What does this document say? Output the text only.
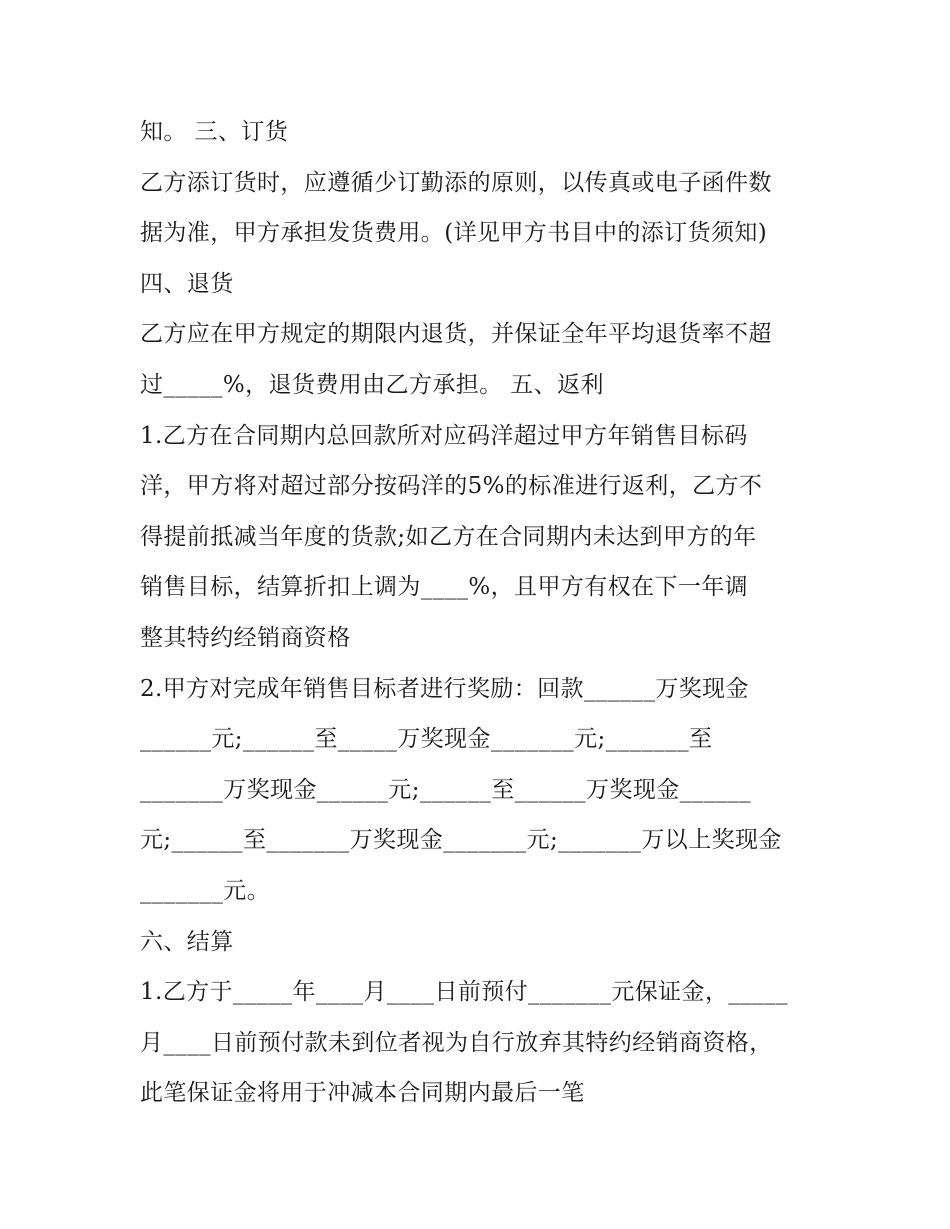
知。 三、订货
乙方添订货时，应遵循少订勤添的原则，以传真或电子函件数
据为准，甲方承担发货费用。(详见甲方书目中的添订货须知)
四、退货
乙方应在甲方规定的期限内退货，并保证全年平均退货率不超
过_____%，退货费用由乙方承担。 五、返利
1.乙方在合同期内总回款所对应码洋超过甲方年销售目标码
洋，甲方将对超过部分按码洋的5%的标准进行返利，乙方不
得提前抵减当年度的货款;如乙方在合同期内未达到甲方的年
销售目标，结算折扣上调为____%，且甲方有权在下一年调
整其特约经销商资格
2.甲方对完成年销售目标者进行奖励：回款______万奖现金
______元;______至_____万奖现金_______元;_______至
_______万奖现金______元;______至______万奖现金______
元;______至_______万奖现金_______元;_______万以上奖现金
_______元。
六、结算
1.乙方于_____年____月____日前预付_______元保证金，_____
月____日前预付款未到位者视为自行放弃其特约经销商资格，
此笔保证金将用于冲减本合同期内最后一笔
